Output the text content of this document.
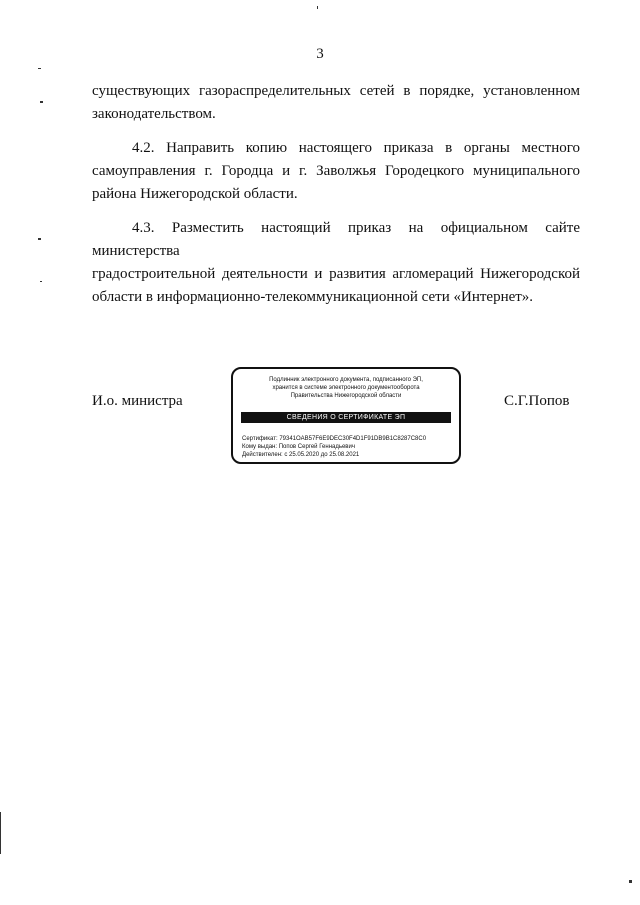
3

существующих газораспределительных сетей в порядке, установленном
законодательством.

4.2. Направить копию настоящего приказа в органы местного
самоуправления г. Городца и г. Заволжья Городецкого муниципального
района Нижегородской области.

4.3. Разместить настоящий приказ на официальном сайте министерства
градостроительной деятельности и развития агломераций Нижегородской
области в информационно-телекоммуникационной сети «Интернет».

И.о. министра	С.Г.Попов
Подлинник электронного документа, подписанного ЭП,
хранится в системе электронного документооборота
Правительства Нижегородской области
СВЕДЕНИЯ О СЕРТИФИКАТЕ ЭП
Сертификат: 79341OAB57F6E9DEC30F4D1F91DB9B1C8287C8C0
Кому выдан: Попов Сергей Геннадьевич
Действителен: с 25.05.2020 до 25.08.2021
